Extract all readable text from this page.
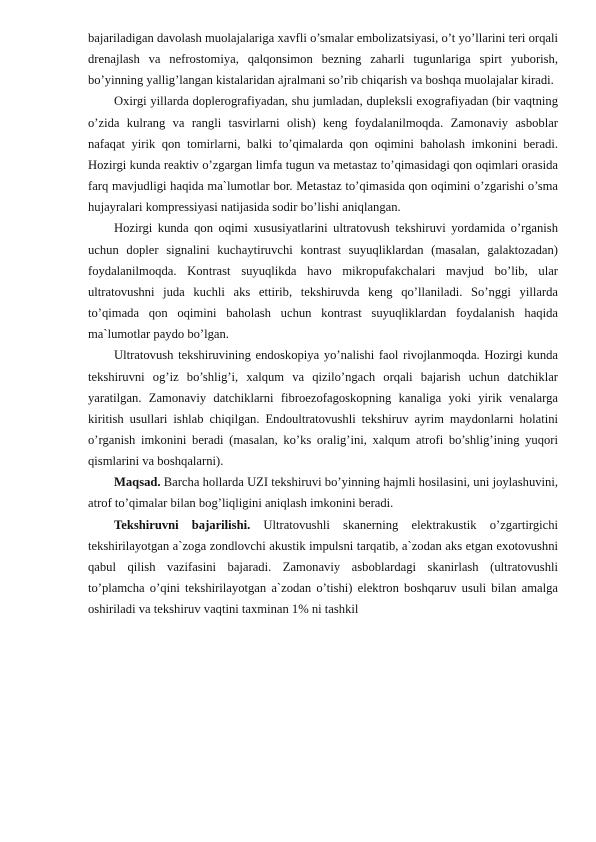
bajariladigan davolash muolajalariga xavfli o’smalar embolizatsiyasi, o’t yo’llarini teri orqali drenajlash va nefrostomiya, qalqonsimon bezning zaharli tugunlariga spirt yuborish, bo’yinning yallig’langan kistalaridan ajralmani so’rib chiqarish va boshqa muolajalar kiradi.

Oxirgi yillarda doplerografiyadan, shu jumladan, dupleksli exografiyadan (bir vaqtning o’zida kulrang va rangli tasvirlarni olish) keng foydalanilmoqda. Zamonaviy asboblar nafaqat yirik qon tomirlarni, balki to’qimalarda qon oqimini baholash imkonini beradi. Hozirgi kunda reaktiv o’zgargan limfa tugun va metastaz to’qimasidagi qon oqimlari orasida farq mavjudligi haqida ma`lumotlar bor. Metastaz to’qimasida qon oqimini o’zgarishi o’sma hujayralari kompressiyasi natijasida sodir bo’lishi aniqlangan.

Hozirgi kunda qon oqimi xususiyatlarini ultratovush tekshiruvi yordamida o’rganish uchun dopler signalini kuchaytiruvchi kontrast suyuqliklardan (masalan, galaktozadan) foydalanilmoqda. Kontrast suyuqlikda havo mikropufakchalari mavjud bo’lib, ular ultratovushni juda kuchli aks ettirib, tekshiruvda keng qo’llaniladi. So’nggi yillarda to’qimada qon oqimini baholash uchun kontrast suyuqliklardan foydalanish haqida ma`lumotlar paydo bo’lgan.

Ultratovush tekshiruvining endoskopiya yo’nalishi faol rivojlanmoqda. Hozirgi kunda tekshiruvni og’iz bo’shlig’i, xalqum va qizilo’ngach orqali bajarish uchun datchiklar yaratilgan. Zamonaviy datchiklarni fibroezofagoskopning kanaliga yoki yirik venalarga kiritish usullari ishlab chiqilgan. Endoultratovushli tekshiruv ayrim maydonlarni holatini o’rganish imkonini beradi (masalan, ko’ks oralig’ini, xalqum atrofi bo’shlig’ining yuqori qismlarini va boshqalarni).

Maqsad. Barcha hollarda UZI tekshiruvi bo’yinning hajmli hosilasini, uni joylashuvini, atrof to’qimalar bilan bog’liqligini aniqlash imkonini beradi.

Tekshiruvni bajarilishi. Ultratovushli skanerning elektrakustik o’zgartirgichi tekshirilayotgan a`zoga zondlovchi akustik impulsni tarqatib, a`zodan aks etgan exotovushni qabul qilish vazifasini bajaradi. Zamonaviy asboblardagi skanirlash (ultratovushli to’plamcha o’qini tekshirilayotgan a`zodan o’tishi) elektron boshqaruv usuli bilan amalga oshiriladi va tekshiruv vaqtini taxminan 1% ni tashkil
